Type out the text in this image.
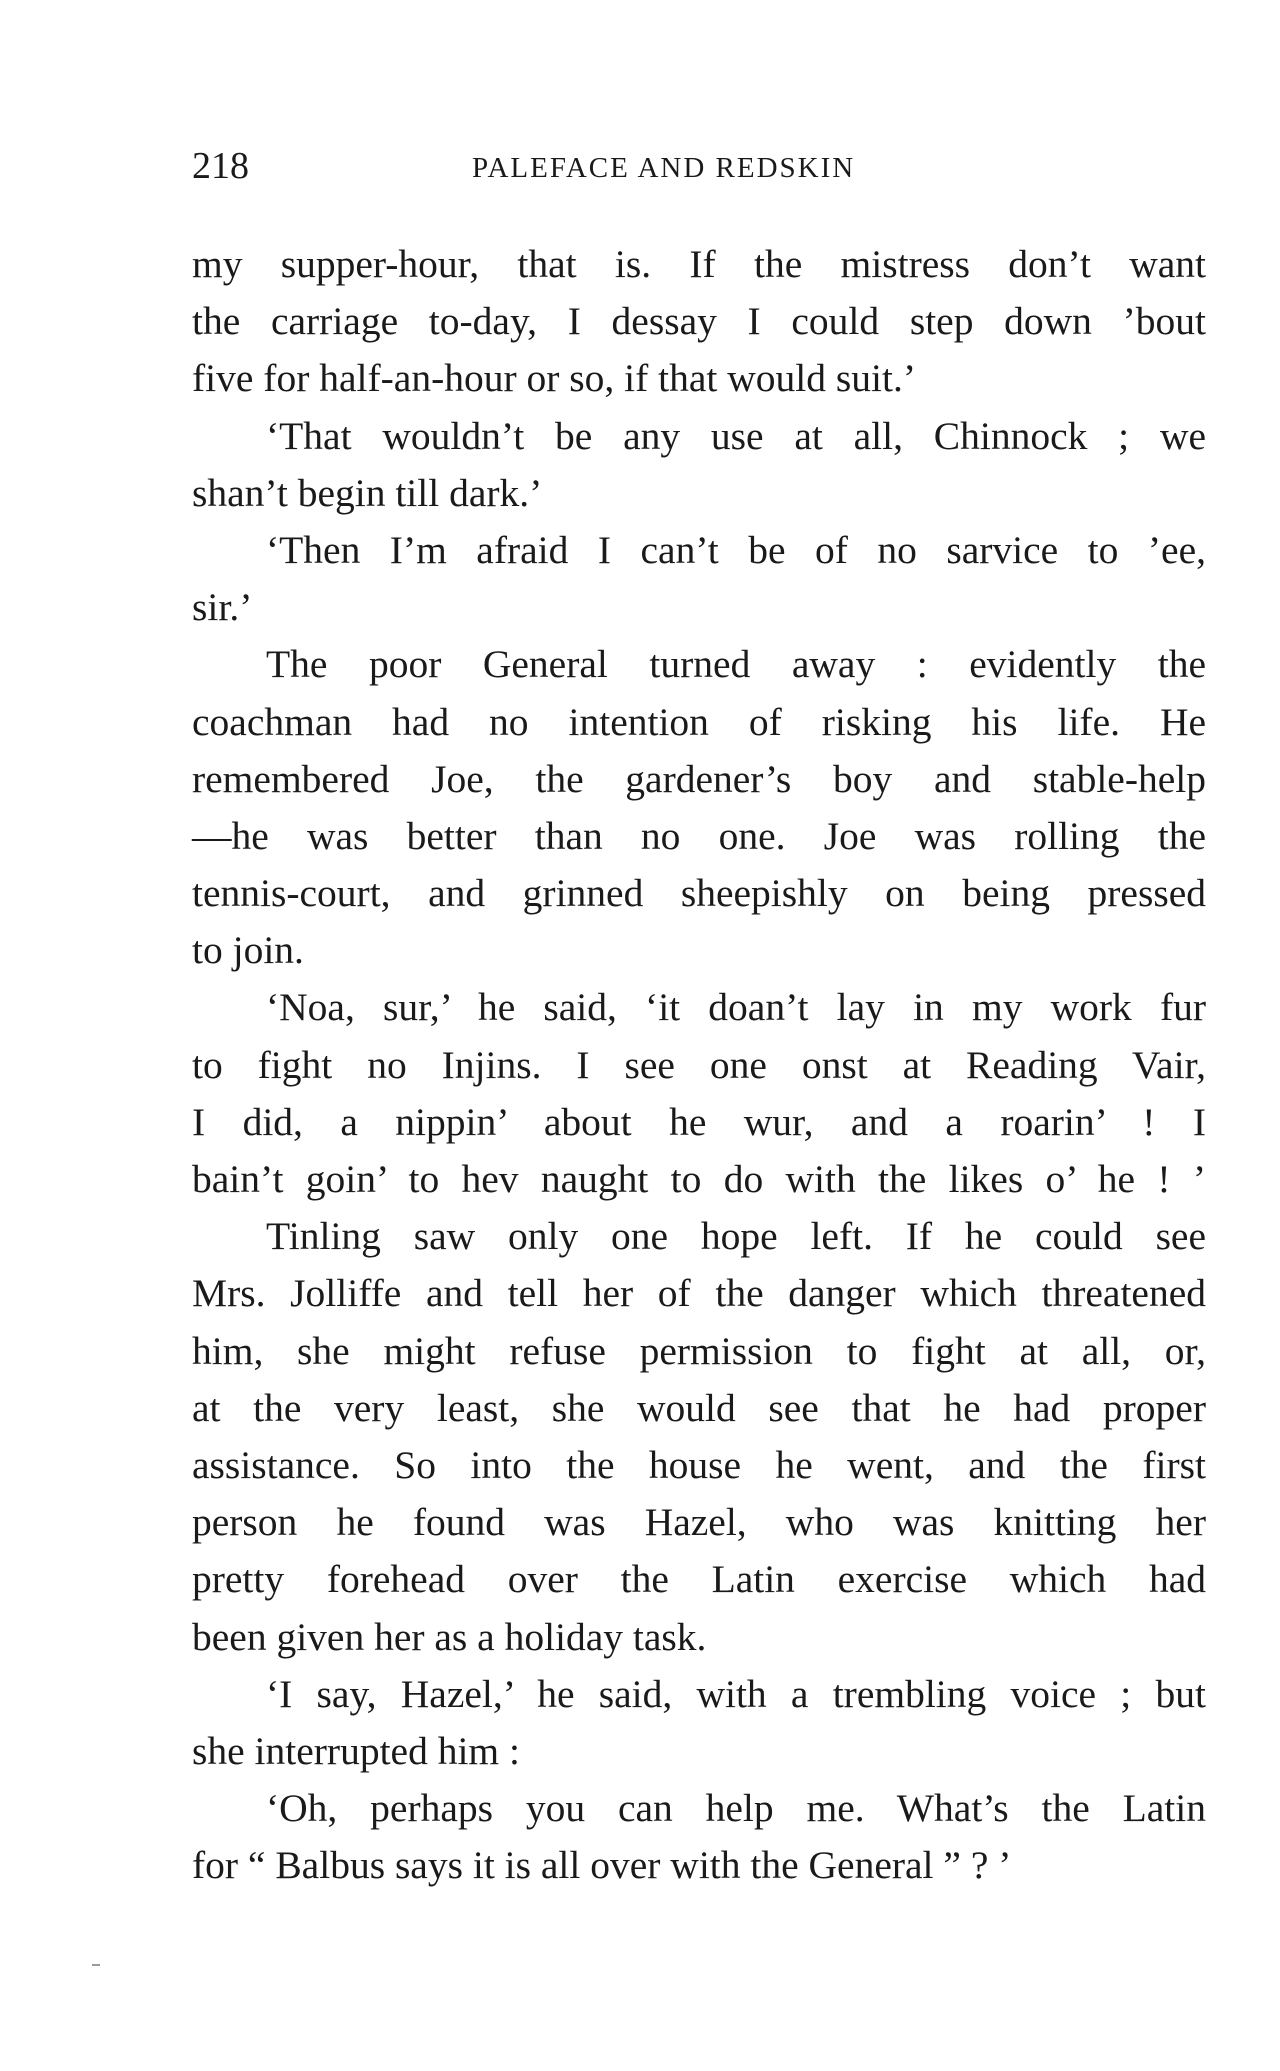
218	PALEFACE AND REDSKIN
my supper-hour, that is. If the mistress don’t want
the carriage to-day, I dessay I could step down ’bout
five for half-an-hour or so, if that would suit.’
‘That wouldn’t be any use at all, Chinnock ; we
shan’t begin till dark.’
‘Then I’m afraid I can’t be of no sarvice to ’ee,
sir.’
The poor General turned away : evidently the
coachman had no intention of risking his life. He
remembered Joe, the gardener’s boy and stable-help
—he was better than no one. Joe was rolling the
tennis-court, and grinned sheepishly on being pressed
to join.
‘Noa, sur,’ he said, ‘it doan’t lay in my work fur
to fight no Injins. I see one onst at Reading Vair,
I did, a nippin’ about he wur, and a roarin’ ! I
bain’t goin’ to hev naught to do with the likes o’ he ! ’
Tinling saw only one hope left. If he could see
Mrs. Jolliffe and tell her of the danger which threatened
him, she might refuse permission to fight at all, or,
at the very least, she would see that he had proper
assistance. So into the house he went, and the first
person he found was Hazel, who was knitting her
pretty forehead over the Latin exercise which had
been given her as a holiday task.
‘I say, Hazel,’ he said, with a trembling voice ; but
she interrupted him :
‘Oh, perhaps you can help me. What’s the Latin
for “ Balbus says it is all over with the General ” ? ’
